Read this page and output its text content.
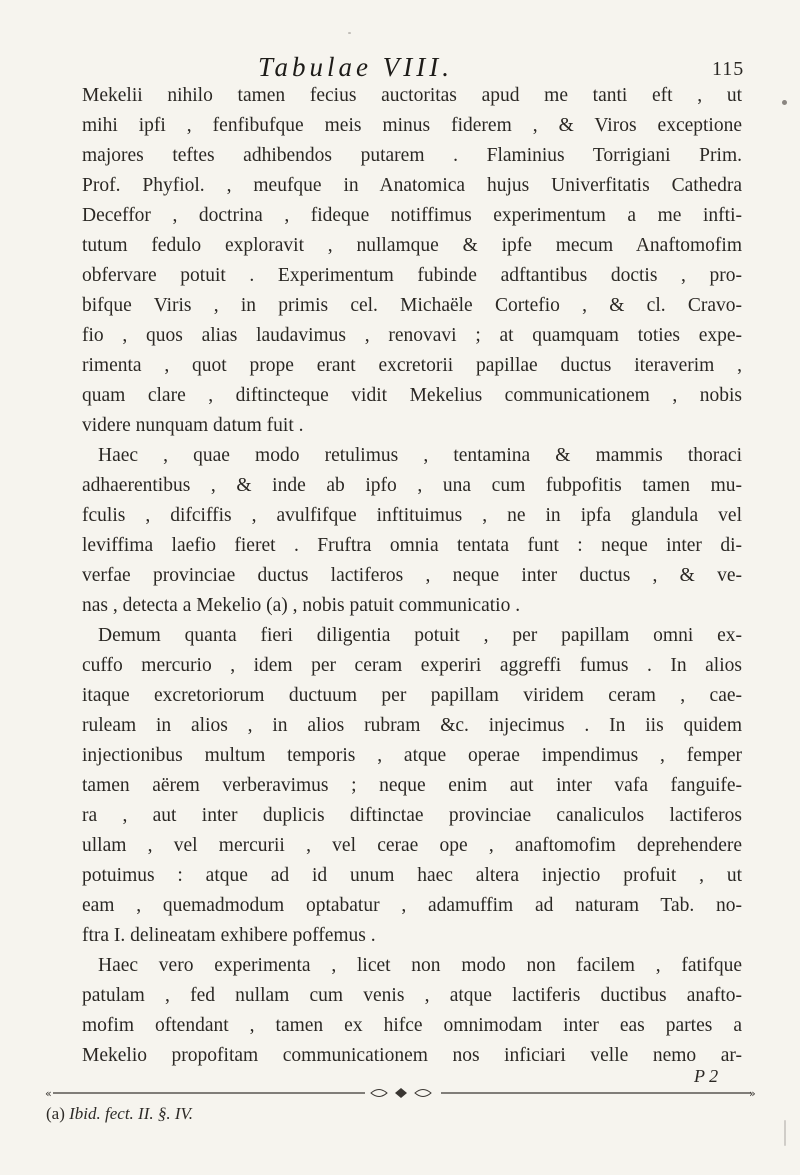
Tabulae VIII.	115
Mekelii nihilo tamen fecius auctoritas apud me tanti eft , ut
mihi ipfi , fenfibufque meis minus fiderem , & Viros exceptione
majores teftes adhibendos putarem . Flaminius Torrigiani Prim.
Prof. Phyfiol. , meufque in Anatomica hujus Univerfitatis Cathedra
Deceffor , doctrina , fideque notiffimus experimentum a me infti-
tutum fedulo exploravit , nullamque & ipfe mecum Anaftomofim
obfervare potuit . Experimentum fubinde adftantibus doctis , pro-
bifque Viris , in primis cel. Michaële Cortefio , & cl. Cravo-
fio , quos alias laudavimus , renovavi ; at quamquam toties expe-
rimenta , quot prope erant excretorii papillae ductus iteraverim ,
quam clare , diftincteque vidit Mekelius communicationem , nobis
videre nunquam datum fuit .
Haec , quae modo retulimus , tentamina & mammis thoraci
adhaerentibus , & inde ab ipfo , una cum fubpofitis tamen mu-
fculis , difciffis , avulfifque inftituimus , ne in ipfa glandula vel
leviffima laefio fieret . Fruftra omnia tentata funt : neque inter di-
verfae provinciae ductus lactiferos , neque inter ductus , & ve-
nas , detecta a Mekelio (a) , nobis patuit communicatio .
Demum quanta fieri diligentia potuit , per papillam omni ex-
cuffo mercurio , idem per ceram experiri aggreffi fumus . In alios
itaque excretoriorum ductuum per papillam viridem ceram , cae-
ruleam in alios , in alios rubram &c. injecimus . In iis quidem
injectionibus multum temporis , atque operae impendimus , femper
tamen aërem verberavimus ; neque enim aut inter vafa fanguife-
ra , aut inter duplicis diftinctae provinciae canaliculos lactiferos
ullam , vel mercurii , vel cerae ope , anaftomofim deprehendere
potuimus : atque ad id unum haec altera injectio profuit , ut
eam , quemadmodum optabatur , adamuffim ad naturam Tab. no-
ftra I. delineatam exhibere poffemus .
Haec vero experimenta , licet non modo non facilem , fatifque
patulam , fed nullam cum venis , atque lactiferis ductibus anafto-
mofim oftendant , tamen ex hifce omnimodam inter eas partes a
Mekelio propofitam communicationem nos inficiari velle nemo ar-
P 2
«	»
(a) Ibid. fect. II. §. IV.
